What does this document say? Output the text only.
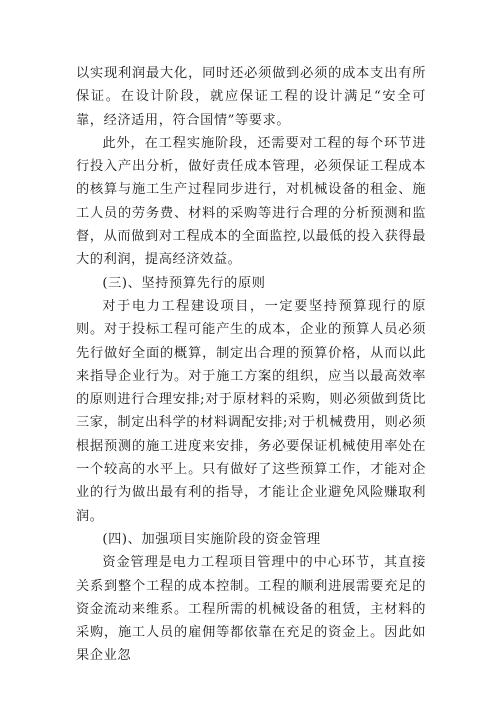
以实现利润最大化，同时还必须做到必须的成本支出有所保证。在设计阶段，就应保证工程的设计满足“安全可靠，经济适用，符合国情”等要求。

此外，在工程实施阶段，还需要对工程的每个环节进行投入产出分析，做好责任成本管理，必须保证工程成本的核算与施工生产过程同步进行，对机械设备的租金、施工人员的劳务费、材料的采购等进行合理的分析预测和监督，从而做到对工程成本的全面监控,以最低的投入获得最大的利润，提高经济效益。

(三)、坚持预算先行的原则

对于电力工程建设项目，一定要坚持预算现行的原则。对于投标工程可能产生的成本，企业的预算人员必须先行做好全面的概算，制定出合理的预算价格，从而以此来指导企业行为。对于施工方案的组织，应当以最高效率的原则进行合理安排;对于原材料的采购，则必须做到货比三家，制定出科学的材料调配安排;对于机械费用，则必须根据预测的施工进度来安排，务必要保证机械使用率处在一个较高的水平上。只有做好了这些预算工作，才能对企业的行为做出最有利的指导，才能让企业避免风险赚取利润。

(四)、加强项目实施阶段的资金管理

资金管理是电力工程项目管理中的中心环节，其直接关系到整个工程的成本控制。工程的顺利进展需要充足的资金流动来维系。工程所需的机械设备的租赁，主材料的采购，施工人员的雇佣等都依靠在充足的资金上。因此如果企业忽
